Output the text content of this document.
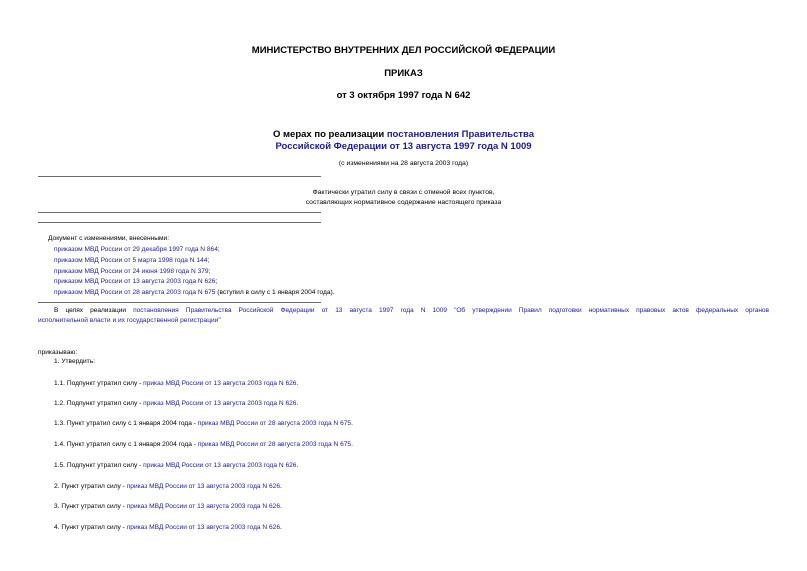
МИНИСТЕРСТВО ВНУТРЕННИХ ДЕЛ РОССИЙСКОЙ ФЕДЕРАЦИИ
ПРИКАЗ
от 3 октября 1997 года N 642
О мерах по реализации постановления Правительства
Российской Федерации от 13 августа 1997 года N 1009
(с изменениями на 28 августа 2003 года)
Фактически утратил силу в связи с отменой всех пунктов,
составляющих нормативное содержание настоящего приказа
Документ с изменениями, внесенными:
приказом МВД России от 29 декабря 1997 года N 864;
приказом МВД России от 5 марта 1998 года N 144;
приказом МВД России от 24 июня 1998 года N 379;
приказом МВД России от 13 августа 2003 года N 626;
приказом МВД России от 28 августа 2003 года N 675 (вступил в силу с 1 января 2004 года).
В целях реализации постановления Правительства Российской Федерации от 13 августа 1997 года N 1009 "Об утверждении Правил подготовки нормативных правовых актов федеральных органов
исполнительной власти и их государственной регистрации"
приказываю:
1. Утвердить:
1.1. Подпункт утратил силу - приказ МВД России от 13 августа 2003 года N 626.
1.2. Подпункт утратил силу - приказ МВД России от 13 августа 2003 года N 626.
1.3. Пункт утратил силу с 1 января 2004 года - приказ МВД России от 28 августа 2003 года N 675.
1.4. Пункт утратил силу с 1 января 2004 года - приказ МВД России от 28 августа 2003 года N 675.
1.5. Подпункт утратил силу - приказ МВД России от 13 августа 2003 года N 626.
2. Пункт утратил силу - приказ МВД России от 13 августа 2003 года N 626.
3. Пункт утратил силу - приказ МВД России от 13 августа 2003 года N 626.
4. Пункт утратил силу - приказ МВД России от 13 августа 2003 года N 626.
